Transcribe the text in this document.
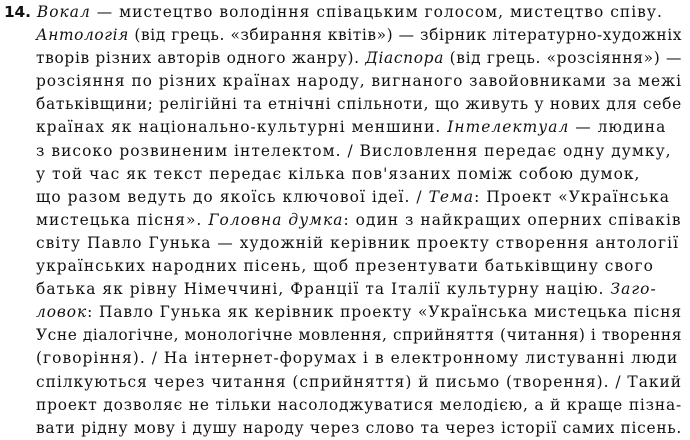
14. Вокал — мистецтво володіння співацьким голосом, мистецтво співу.
Антологія (від грець. «збирання квітів») — збірник літературно-художніх
творів різних авторів одного жанру). Діаспора (від грець. «розсіяння») —
розсіяння по різних країнах народу, вигнаного завойовниками за межі
батьківщини; релігійні та етнічні спільноти, що живуть у нових для себе
країнах як національно-культурні меншини. Інтелектуал — людина
з високо розвиненим інтелектом. / Висловлення передає одну думку,
у той час як текст передає кілька пов'язаних поміж собою думок,
що разом ведуть до якоїсь ключової ідеї. / Тема: Проект «Українська
мистецька пісня». Головна думка: один з найкращих оперних співаків
світу Павло Гунька — художній керівник проекту створення антології
українських народних пісень, щоб презентувати батьківщину свого
батька як рівну Німеччині, Франції та Італії культурну націю. Заго-
ловок: Павло Гунька як керівник проекту «Українська мистецька пісня
Усне діалогічне, монологічне мовлення, сприйняття (читання) і творення
(говоріння). / На інтернет-форумах і в електронному листуванні люди
спілкуються через читання (сприйняття) й письмо (творення). / Такий
проект дозволяє не тільки насолоджуватися мелодією, а й краще пізна-
вати рідну мову і душу народу через слово та через історії самих пісень.
